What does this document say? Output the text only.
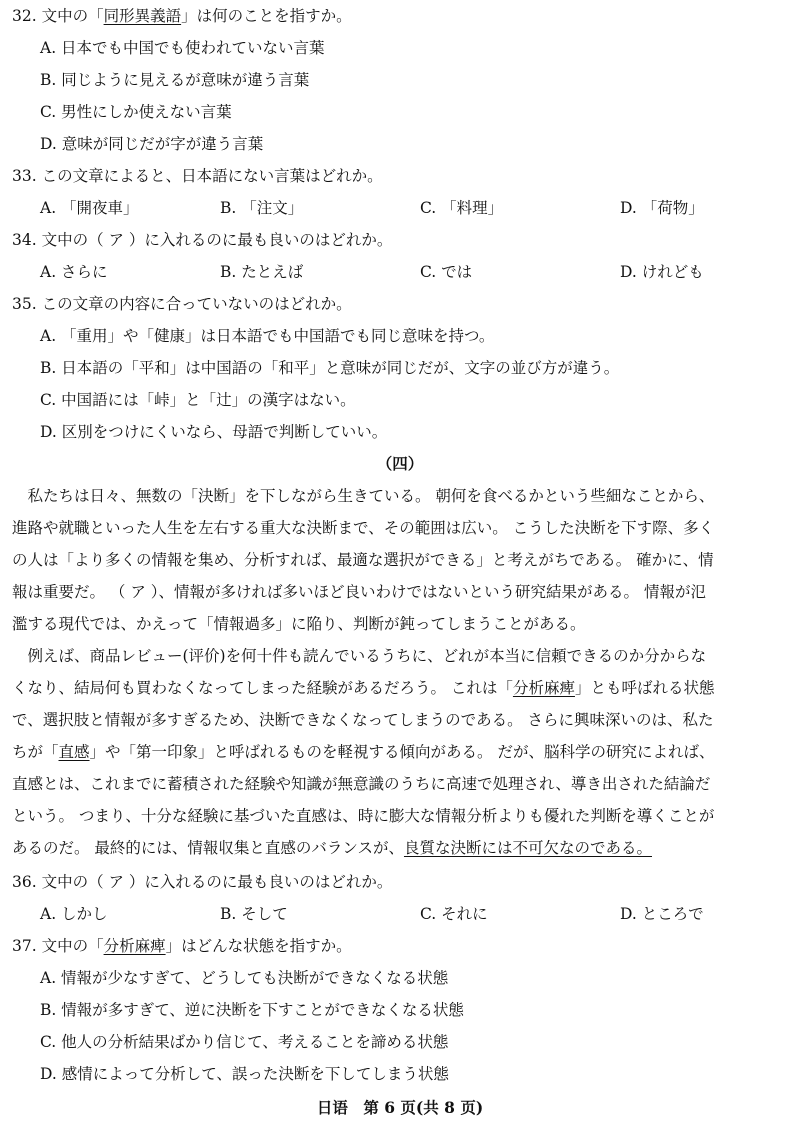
32. 文中の「同形異義語」は何のことを指すか。
A. 日本でも中国でも使われていない言葉
B. 同じように見えるが意味が違う言葉
C. 男性にしか使えない言葉
D. 意味が同じだが字が違う言葉
33. この文章によると、日本語にない言葉はどれか。
A. 「開夜車」	B. 「注文」	C. 「料理」	D. 「荷物」
34. 文中の（ ア ）に入れるのに最も良いのはどれか。
A. さらに	B. たとえば	C. では	D. けれども
35. この文章の内容に合っていないのはどれか。
A. 「重用」や「健康」は日本語でも中国語でも同じ意味を持つ。
B. 日本語の「平和」は中国語の「和平」と意味が同じだが、文字の並び方が違う。
C. 中国語には「峠」と「辻」の漢字はない。
D. 区別をつけにくいなら、母語で判断していい。
（四）
　私たちは日々、無数の「決断」を下しながら生きている。 朝何を食べるかという些細なことから、
進路や就職といった人生を左右する重大な決断まで、その範囲は広い。 こうした決断を下す際、多く
の人は「より多くの情報を集め、分析すれば、最適な選択ができる」と考えがちである。 確かに、情
報は重要だ。 （ ア ）、情報が多ければ多いほど良いわけではないという研究結果がある。 情報が氾
濫する現代では、かえって「情報過多」に陥り、判断が鈍ってしまうことがある。
　例えば、商品レビュー(评价)を何十件も読んでいるうちに、どれが本当に信頼できるのか分からな
くなり、結局何も買わなくなってしまった経験があるだろう。 これは「分析麻痺」とも呼ばれる状態
で、選択肢と情報が多すぎるため、決断できなくなってしまうのである。 さらに興味深いのは、私た
ちが「直感」や「第一印象」と呼ばれるものを軽視する傾向がある。 だが、脳科学の研究によれば、
直感とは、これまでに蓄積された経験や知識が無意識のうちに高速で処理され、導き出された結論だ
という。 つまり、十分な経験に基づいた直感は、時に膨大な情報分析よりも優れた判断を導くことが
あるのだ。 最終的には、情報収集と直感のバランスが、良質な決断には不可欠なのである。
36. 文中の（ ア ）に入れるのに最も良いのはどれか。
A. しかし	B. そして	C. それに	D. ところで
37. 文中の「分析麻痺」はどんな状態を指すか。
A. 情報が少なすぎて、どうしても決断ができなくなる状態
B. 情報が多すぎて、逆に決断を下すことができなくなる状態
C. 他人の分析結果ばかり信じて、考えることを諦める状態
D. 感情によって分析して、誤った決断を下してしまう状態
日语　第 6 页(共 8 页)
